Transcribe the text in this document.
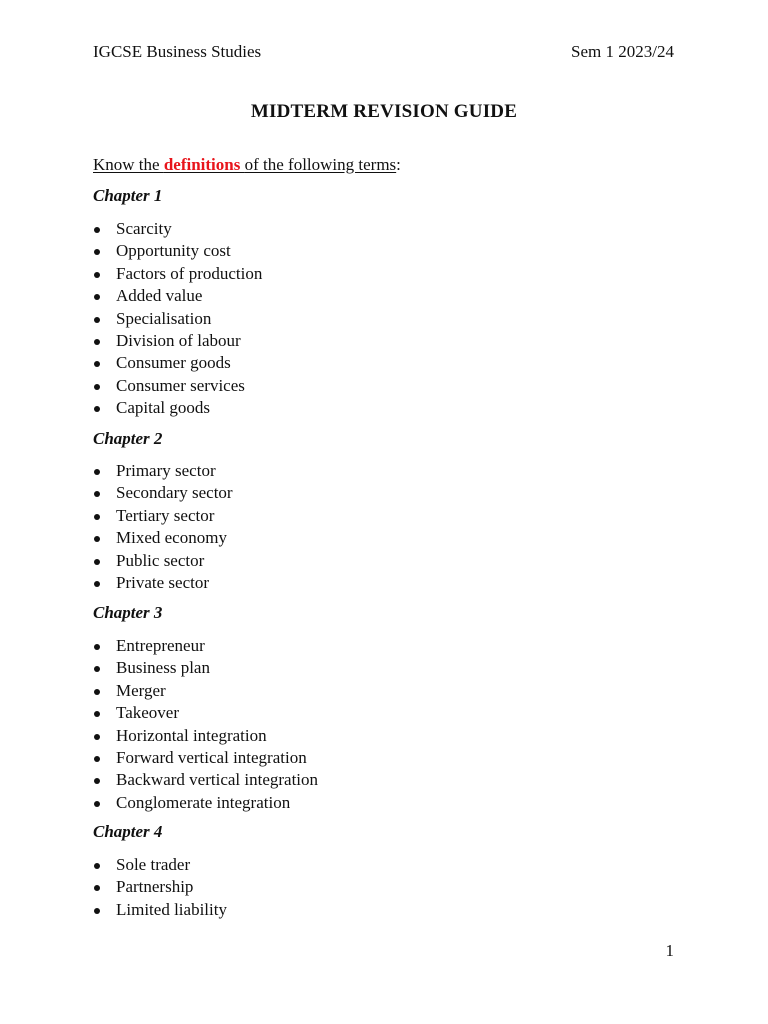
IGCSE Business Studies	Sem 1 2023/24
MIDTERM REVISION GUIDE
Know the definitions of the following terms:
Chapter 1
Scarcity
Opportunity cost
Factors of production
Added value
Specialisation
Division of labour
Consumer goods
Consumer services
Capital goods
Chapter 2
Primary sector
Secondary sector
Tertiary sector
Mixed economy
Public sector
Private sector
Chapter 3
Entrepreneur
Business plan
Merger
Takeover
Horizontal integration
Forward vertical integration
Backward vertical integration
Conglomerate integration
Chapter 4
Sole trader
Partnership
Limited liability
1
